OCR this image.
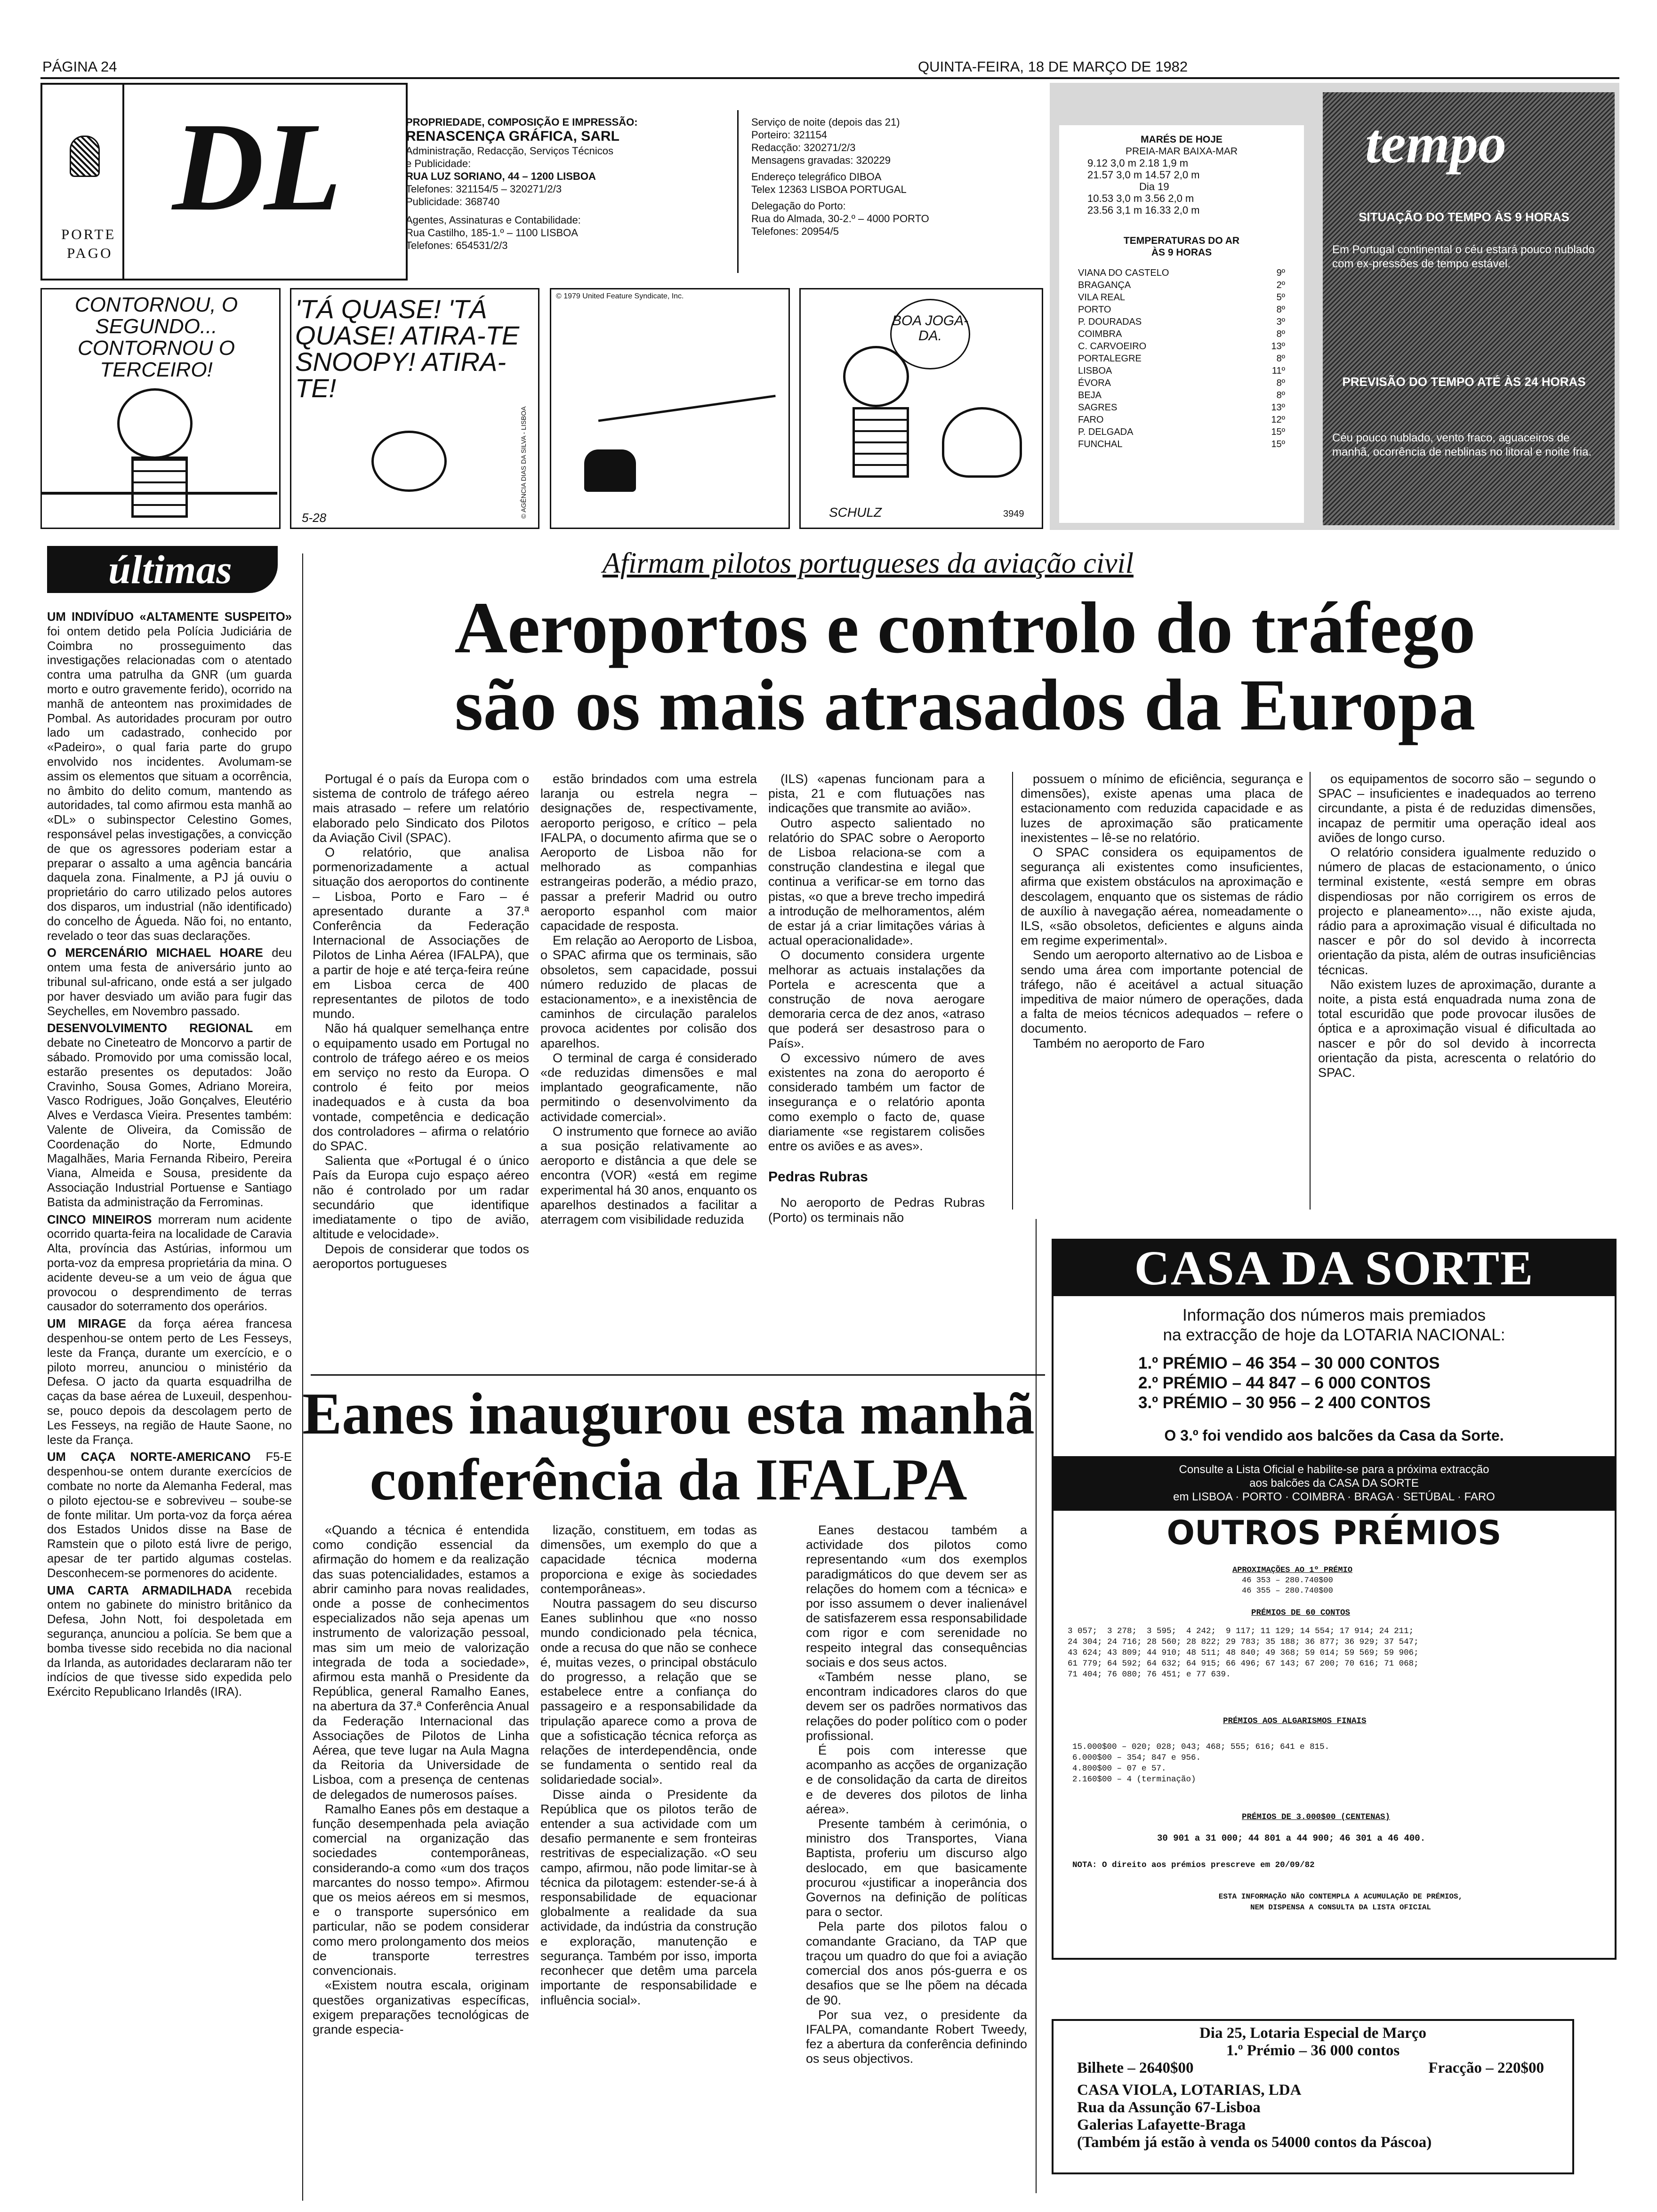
PÁGINA 24	QUINTA-FEIRA, 18 DE MARÇO DE 1982
PORTE
PAGO
DL	PROPRIEDADE, COMPOSIÇÃO E IMPRESSÃO:
RENASCENÇA GRÁFICA, SARL
Administração, Redacção, Serviços Técnicos
e Publicidade:
RUA LUZ SORIANO, 44 – 1200 LISBOA
Telefones: 321154/5 – 320271/2/3
Publicidade: 368740
Agentes, Assinaturas e Contabilidade:
Rua Castilho, 185-1.º – 1100 LISBOA
Telefones: 654531/2/3
Serviço de noite (depois das 21)
Porteiro: 321154
Redacção: 320271/2/3
Mensagens gravadas: 320229
Endereço telegráfico DIBOA
Telex 12363 LISBOA PORTUGAL
Delegação do Porto:
Rua do Almada, 30-2.º – 4000 PORTO
Telefones: 20954/5
tempo
SITUAÇÃO DO TEMPO ÀS 9 HORAS
Em Portugal continental o céu estará pouco nublado com ex-pressões de tempo estável.
PREVISÃO DO TEMPO ATÉ ÀS 24 HORAS
Céu pouco nublado, vento fraco, aguaceiros de manhã, ocorrência de neblinas no litoral e noite fria.
MARÉS DE HOJE
PREIA-MAR BAIXA-MAR
9.12 3,0 m 2.18 1,9 m
21.57 3,0 m 14.57 2,0 m
Dia 19
10.53 3,0 m 3.56 2,0 m
23.56 3,1 m 16.33 2,0 m
TEMPERATURAS DO AR
ÀS 9 HORAS
VIANA DO CASTELO	9º
BRAGANÇA	2º
VILA REAL	5º
PORTO	8º
P. DOURADAS	3º
COIMBRA	8º
C. CARVOEIRO	13º
PORTALEGRE	8º
LISBOA	11º
ÉVORA	8º
BEJA	8º
SAGRES	13º
FARO	12º
P. DELGADA	15º
FUNCHAL	15º
CONTORNOU, O SEGUNDO... CONTORNOU O TERCEIRO!
'TÁ QUASE! 'TÁ QUASE! ATIRA-TE SNOOPY! ATIRA-TE!
5-28
© 1979 United Feature Syndicate, Inc.
© AGÊNCIA DIAS DA SILVA - LISBOA
BOA JOGA-DA.
SCHULZ	3949
últimas
UM INDIVÍDUO «ALTAMENTE SUSPEITO» foi ontem detido pela Polícia Judiciária de Coimbra no prosseguimento das investigações relacionadas com o atentado contra uma patrulha da GNR (um guarda morto e outro gravemente ferido), ocorrido na manhã de anteontem nas proximidades de Pombal. As autoridades procuram por outro lado um cadastrado, conhecido por «Padeiro», o qual faria parte do grupo envolvido nos incidentes. Avolumam-se assim os elementos que situam a ocorrência, no âmbito do delito comum, mantendo as autoridades, tal como afirmou esta manhã ao «DL» o subinspector Celestino Gomes, responsável pelas investigações, a convicção de que os agressores poderiam estar a preparar o assalto a uma agência bancária daquela zona. Finalmente, a PJ já ouviu o proprietário do carro utilizado pelos autores dos disparos, um industrial (não identificado) do concelho de Águeda. Não foi, no entanto, revelado o teor das suas declarações.
O MERCENÁRIO MICHAEL HOARE deu ontem uma festa de aniversário junto ao tribunal sul-africano, onde está a ser julgado por haver desviado um avião para fugir das Seychelles, em Novembro passado.
DESENVOLVIMENTO REGIONAL em debate no Cineteatro de Moncorvo a partir de sábado. Promovido por uma comissão local, estarão presentes os deputados: João Cravinho, Sousa Gomes, Adriano Moreira, Vasco Rodrigues, João Gonçalves, Eleutério Alves e Verdasca Vieira. Presentes também: Valente de Oliveira, da Comissão de Coordenação do Norte, Edmundo Magalhães, Maria Fernanda Ribeiro, Pereira Viana, Almeida e Sousa, presidente da Associação Industrial Portuense e Santiago Batista da administração da Ferrominas.
CINCO MINEIROS morreram num acidente ocorrido quarta-feira na localidade de Caravia Alta, província das Astúrias, informou um porta-voz da empresa proprietária da mina. O acidente deveu-se a um veio de água que provocou o desprendimento de terras causador do soterramento dos operários.
UM MIRAGE da força aérea francesa despenhou-se ontem perto de Les Fesseys, leste da França, durante um exercício, e o piloto morreu, anunciou o ministério da Defesa. O jacto da quarta esquadrilha de caças da base aérea de Luxeuil, despenhou-se, pouco depois da descolagem perto de Les Fesseys, na região de Haute Saone, no leste da França.
UM CAÇA NORTE-AMERICANO F5-E despenhou-se ontem durante exercícios de combate no norte da Alemanha Federal, mas o piloto ejectou-se e sobreviveu – soube-se de fonte militar. Um porta-voz da força aérea dos Estados Unidos disse na Base de Ramstein que o piloto está livre de perigo, apesar de ter partido algumas costelas. Desconhecem-se pormenores do acidente.
UMA CARTA ARMADILHADA recebida ontem no gabinete do ministro britânico da Defesa, John Nott, foi despoletada em segurança, anunciou a polícia. Se bem que a bomba tivesse sido recebida no dia nacional da Irlanda, as autoridades declararam não ter indícios de que tivesse sido expedida pelo Exército Republicano Irlandês (IRA).
Afirmam pilotos portugueses da aviação civil
Aeroportos e controlo do tráfego
são os mais atrasados da Europa

Portugal é o país da Europa com o sistema de controlo de tráfego aéreo mais atrasado – refere um relatório elaborado pelo Sindicato dos Pilotos da Aviação Civil (SPAC).

O relatório, que analisa pormenorizadamente a actual situação dos aeroportos do continente – Lisboa, Porto e Faro – é apresentado durante a 37.ª Conferência da Federação Internacional de Associações de Pilotos de Linha Aérea (IFALPA), que a partir de hoje e até terça-feira reúne em Lisboa cerca de 400 representantes de pilotos de todo mundo.

Não há qualquer semelhança entre o equipamento usado em Portugal no controlo de tráfego aéreo e os meios em serviço no resto da Europa. O controlo é feito por meios inadequados e à custa da boa vontade, competência e dedicação dos controladores – afirma o relatório do SPAC.

Salienta que «Portugal é o único País da Europa cujo espaço aéreo não é controlado por um radar secundário que identifique imediatamente o tipo de avião, altitude e velocidade».

Depois de considerar que todos os aeroportos portugueses

estão brindados com uma estrela laranja ou estrela negra – designações de, respectivamente, aeroporto perigoso, e crítico – pela IFALPA, o documento afirma que se o Aeroporto de Lisboa não for melhorado as companhias estrangeiras poderão, a médio prazo, passar a preferir Madrid ou outro aeroporto espanhol com maior capacidade de resposta.

Em relação ao Aeroporto de Lisboa, o SPAC afirma que os terminais, são obsoletos, sem capacidade, possui número reduzido de placas de estacionamento», e a inexistência de caminhos de circulação paralelos provoca acidentes por colisão dos aparelhos.

O terminal de carga é considerado «de reduzidas dimensões e mal implantado geograficamente, não permitindo o desenvolvimento da actividade comercial».

O instrumento que fornece ao avião a sua posição relativamente ao aeroporto e distância a que dele se encontra (VOR) «está em regime experimental há 30 anos, enquanto os aparelhos destinados a facilitar a aterragem com visibilidade reduzida

(ILS) «apenas funcionam para a pista, 21 e com flutuações nas indicações que transmite ao avião».

Outro aspecto salientado no relatório do SPAC sobre o Aeroporto de Lisboa relaciona-se com a construção clandestina e ilegal que continua a verificar-se em torno das pistas, «o que a breve trecho impedirá a introdução de melhoramentos, além de estar já a criar limitações várias à actual operacionalidade».

O documento considera urgente melhorar as actuais instalações da Portela e acrescenta que a construção de nova aerogare demoraria cerca de dez anos, «atraso que poderá ser desastroso para o País».

O excessivo número de aves existentes na zona do aeroporto é considerado também um factor de insegurança e o relatório aponta como exemplo o facto de, quase diariamente «se registarem colisões entre os aviões e as aves».

Pedras Rubras

No aeroporto de Pedras Rubras (Porto) os terminais não

possuem o mínimo de eficiência, segurança e dimensões), existe apenas uma placa de estacionamento com reduzida capacidade e as luzes de aproximação são praticamente inexistentes – lê-se no relatório.

O SPAC considera os equipamentos de segurança ali existentes como insuficientes, afirma que existem obstáculos na aproximação e descolagem, enquanto que os sistemas de rádio de auxílio à navegação aérea, nomeadamente o ILS, «são obsoletos, deficientes e alguns ainda em regime experimental».

Sendo um aeroporto alternativo ao de Lisboa e sendo uma área com importante potencial de tráfego, não é aceitável a actual situação impeditiva de maior número de operações, dada a falta de meios técnicos adequados – refere o documento.

Também no aeroporto de Faro

os equipamentos de socorro são – segundo o SPAC – insuficientes e inadequados ao terreno circundante, a pista é de reduzidas dimensões, incapaz de permitir uma operação ideal aos aviões de longo curso.

O relatório considera igualmente reduzido o número de placas de estacionamento, o único terminal existente, «está sempre em obras dispendiosas por não corrigirem os erros de projecto e planeamento»..., não existe ajuda, rádio para a aproximação visual é dificultada no nascer e pôr do sol devido à incorrecta orientação da pista, além de outras insuficiências técnicas.

Não existem luzes de aproximação, durante a noite, a pista está enquadrada numa zona de total escuridão que pode provocar ilusões de óptica e a aproximação visual é dificultada ao nascer e pôr do sol devido à incorrecta orientação da pista, acrescenta o relatório do SPAC.

Eanes inaugurou esta manhã
conferência da IFALPA

«Quando a técnica é entendida como condição essencial da afirmação do homem e da realização das suas potencialidades, estamos a abrir caminho para novas realidades, onde a posse de conhecimentos especializados não seja apenas um instrumento de valorização pessoal, mas sim um meio de valorização integrada de toda a sociedade», afirmou esta manhã o Presidente da República, general Ramalho Eanes, na abertura da 37.ª Conferência Anual da Federação Internacional das Associações de Pilotos de Linha Aérea, que teve lugar na Aula Magna da Reitoria da Universidade de Lisboa, com a presença de centenas de delegados de numerosos países.

Ramalho Eanes pôs em destaque a função desempenhada pela aviação comercial na organização das sociedades contemporâneas, considerando-a como «um dos traços marcantes do nosso tempo». Afirmou que os meios aéreos em si mesmos, e o transporte supersónico em particular, não se podem considerar como mero prolongamento dos meios de transporte terrestres convencionais.

«Existem noutra escala, originam questões organizativas específicas, exigem preparações tecnológicas de grande especia-

lização, constituem, em todas as dimensões, um exemplo do que a capacidade técnica moderna proporciona e exige às sociedades contemporâneas».

Noutra passagem do seu discurso Eanes sublinhou que «no nosso mundo condicionado pela técnica, onde a recusa do que não se conhece é, muitas vezes, o principal obstáculo do progresso, a relação que se estabelece entre a confiança do passageiro e a responsabilidade da tripulação aparece como a prova de que a sofisticação técnica reforça as relações de interdependência, onde se fundamenta o sentido real da solidariedade social».

Disse ainda o Presidente da República que os pilotos terão de entender a sua actividade com um desafio permanente e sem fronteiras restritivas de especialização. «O seu campo, afirmou, não pode limitar-se à técnica da pilotagem: estender-se-á à responsabilidade de equacionar globalmente a realidade da sua actividade, da indústria da construção e exploração, manutenção e segurança. Também por isso, importa reconhecer que detêm uma parcela importante de responsabilidade e influência social».

Eanes destacou também a actividade dos pilotos como representando «um dos exemplos paradigmáticos do que devem ser as relações do homem com a técnica» e por isso assumem o dever inalienável de satisfazerem essa responsabilidade com rigor e com serenidade no respeito integral das consequências sociais e dos seus actos.

«Também nesse plano, se encontram indicadores claros do que devem ser os padrões normativos das relações do poder político com o poder profissional.

É pois com interesse que acompanho as acções de organização e de consolidação da carta de direitos e de deveres dos pilotos de linha aérea».

Presente também à cerimónia, o ministro dos Transportes, Viana Baptista, proferiu um discurso algo deslocado, em que basicamente procurou «justificar a inoperância dos Governos na definição de políticas para o sector.

Pela parte dos pilotos falou o comandante Graciano, da TAP que traçou um quadro do que foi a aviação comercial dos anos pós-guerra e os desafios que se lhe põem na década de 90.

Por sua vez, o presidente da IFALPA, comandante Robert Tweedy, fez a abertura da conferência definindo os seus objectivos.

CASA DA SORTE
Informação dos números mais premiados
na extracção de hoje da LOTARIA NACIONAL:
1.º PRÉMIO – 46 354 – 30 000 CONTOS
2.º PRÉMIO – 44 847 – 6 000 CONTOS
3.º PRÉMIO – 30 956 – 2 400 CONTOS
O 3.º foi vendido aos balcões da Casa da Sorte.
Consulte a Lista Oficial e habilite-se para a próxima extracção
aos balcões da CASA DA SORTE
em LISBOA · PORTO · COIMBRA · BRAGA · SETÚBAL · FARO
OUTROS PRÉMIOS
APROXIMAÇÕES AO 1º PRÉMIO
46 353 – 280.740$00
46 355 – 280.740$00
PRÉMIOS DE 60 CONTOS
3 057;  3 278;  3 595;  4 242;  9 117; 11 129; 14 554; 17 914; 24 211;
24 304; 24 716; 28 560; 28 822; 29 783; 35 188; 36 877; 36 929; 37 547;
43 624; 43 809; 44 910; 48 511; 48 840; 49 368; 59 014; 59 569; 59 906;
61 779; 64 592; 64 632; 64 915; 66 496; 67 143; 67 200; 70 616; 71 068;
71 404; 76 080; 76 451; e 77 639.
PRÉMIOS AOS ALGARISMOS FINAIS
15.000$00 – 020; 028; 043; 468; 555; 616; 641 e 815.
6.000$00 – 354; 847 e 956.
4.800$00 – 07 e 57.
2.160$00 – 4 (terminação)
PRÉMIOS DE 3.000$00 (CENTENAS)
30 901 a 31 000; 44 801 a 44 900; 46 301 a 46 400.
NOTA: O direito aos prémios prescreve em 20/09/82
ESTA INFORMAÇÃO NÃO CONTEMPLA A ACUMULAÇÃO DE PRÉMIOS,
NEM DISPENSA A CONSULTA DA LISTA OFICIAL
Dia 25, Lotaria Especial de Março
1.º Prémio – 36 000 contos
Bilhete – 2640$00	Fracção – 220$00
CASA VIOLA, LOTARIAS, LDA
Rua da Assunção 67-Lisboa
Galerias Lafayette-Braga
(Também já estão à venda os 54000 contos da Páscoa)
